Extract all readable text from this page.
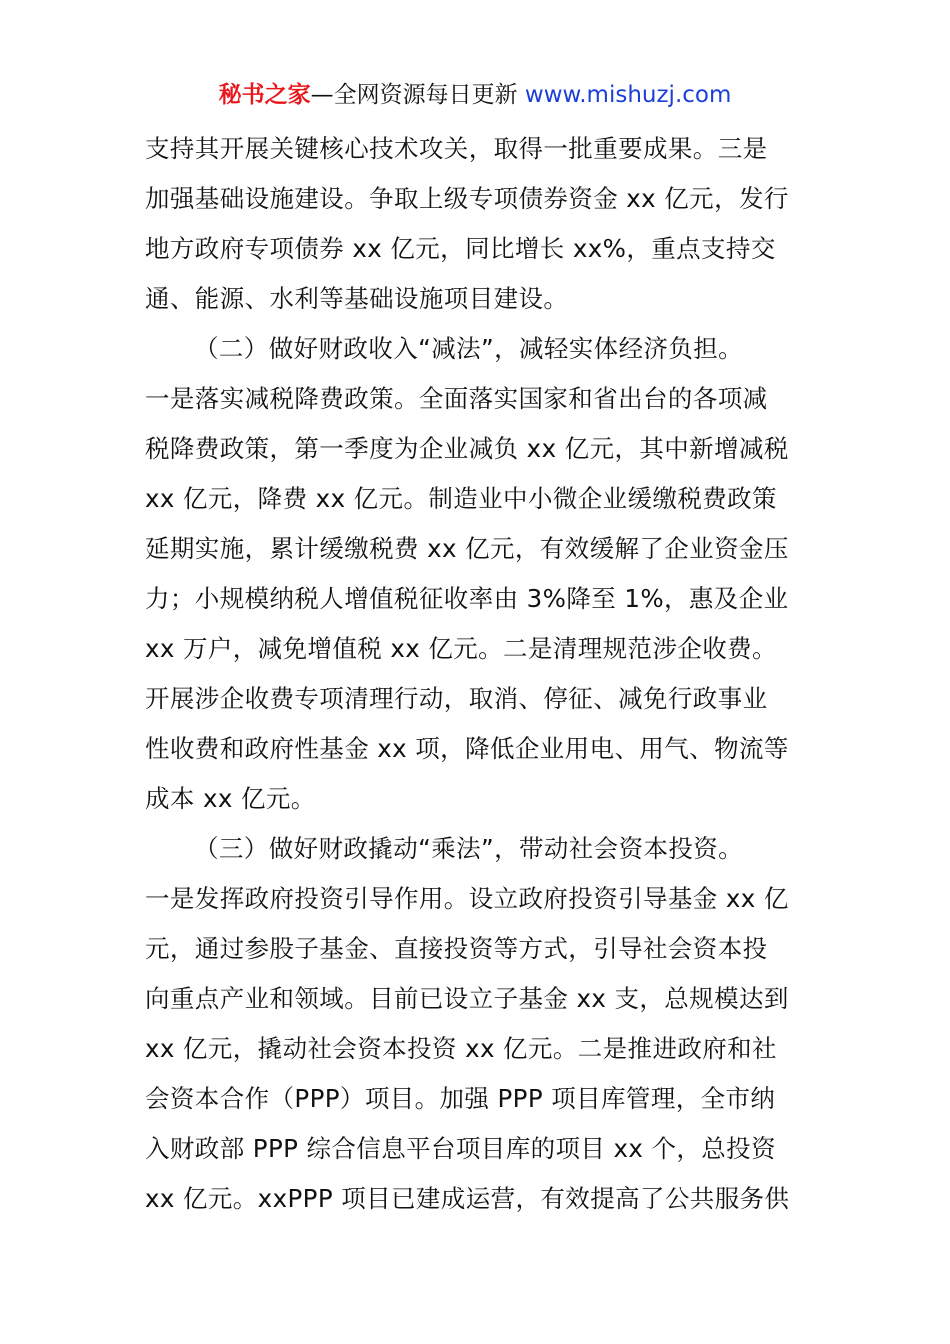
秘书之家—全网资源每日更新 www.mishuzj.com
支持其开展关键核心技术攻关，取得一批重要成果。三是
加强基础设施建设。争取上级专项债券资金 xx 亿元，发行
地方政府专项债券 xx 亿元，同比增长 xx%，重点支持交
通、能源、水利等基础设施项目建设。
（二）做好财政收入“减法”，减轻实体经济负担。
一是落实减税降费政策。全面落实国家和省出台的各项减
税降费政策，第一季度为企业减负 xx 亿元，其中新增减税
xx 亿元，降费 xx 亿元。制造业中小微企业缓缴税费政策
延期实施，累计缓缴税费 xx 亿元，有效缓解了企业资金压
力；小规模纳税人增值税征收率由 3%降至 1%，惠及企业
xx 万户，减免增值税 xx 亿元。二是清理规范涉企收费。
开展涉企收费专项清理行动，取消、停征、减免行政事业
性收费和政府性基金 xx 项，降低企业用电、用气、物流等
成本 xx 亿元。
（三）做好财政撬动“乘法”，带动社会资本投资。
一是发挥政府投资引导作用。设立政府投资引导基金 xx 亿
元，通过参股子基金、直接投资等方式，引导社会资本投
向重点产业和领域。目前已设立子基金 xx 支，总规模达到
xx 亿元，撬动社会资本投资 xx 亿元。二是推进政府和社
会资本合作（PPP）项目。加强 PPP 项目库管理，全市纳
入财政部 PPP 综合信息平台项目库的项目 xx 个，总投资
xx 亿元。xxPPP 项目已建成运营，有效提高了公共服务供
